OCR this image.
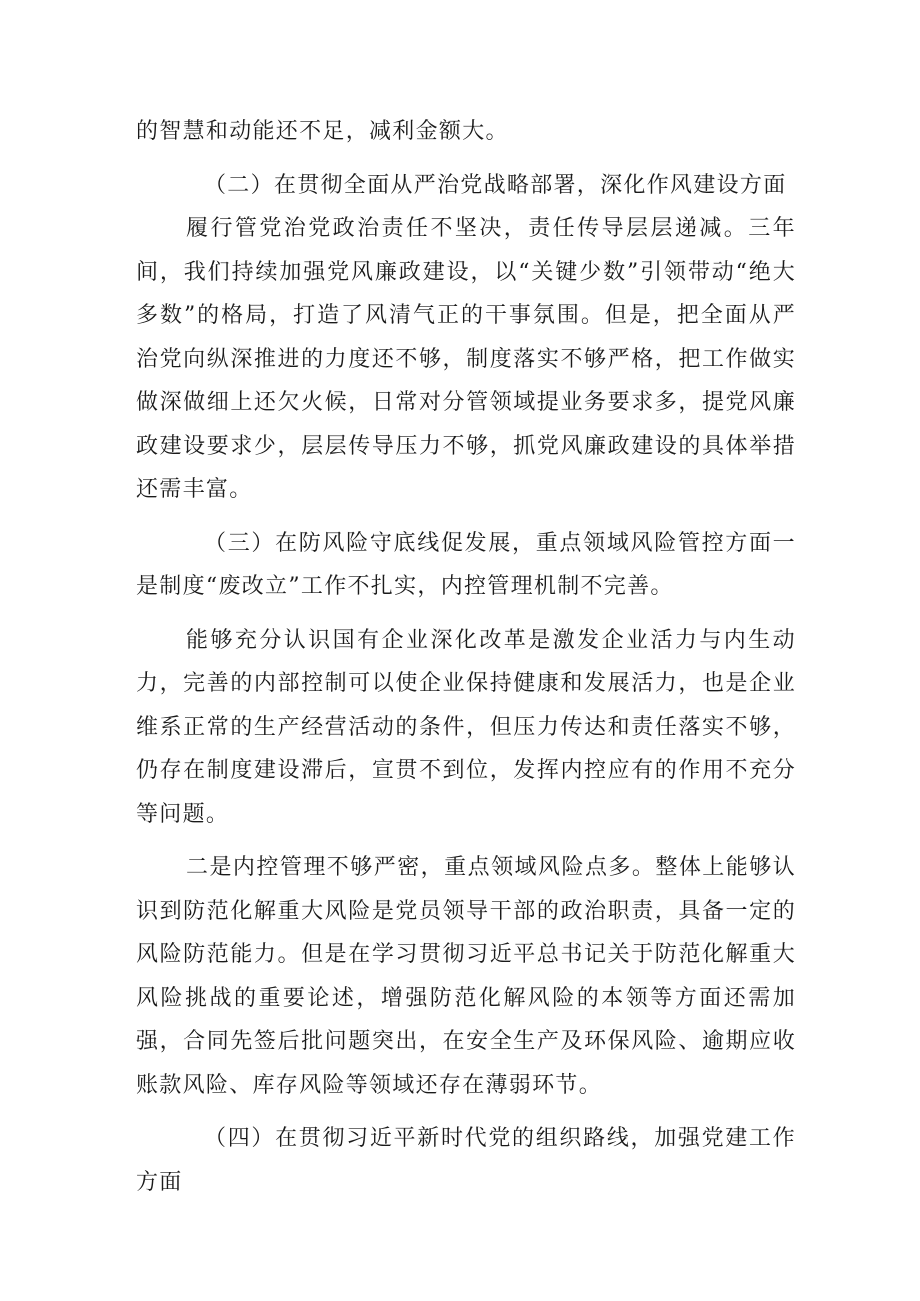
的智慧和动能还不足，减利金额大。

（二）在贯彻全面从严治党战略部署，深化作风建设方面

履行管党治党政治责任不坚决，责任传导层层递减。三年间，我们持续加强党风廉政建设，以“关键少数”引领带动“绝大多数”的格局，打造了风清气正的干事氛围。但是，把全面从严治党向纵深推进的力度还不够，制度落实不够严格，把工作做实做深做细上还欠火候，日常对分管领域提业务要求多，提党风廉政建设要求少，层层传导压力不够，抓党风廉政建设的具体举措还需丰富。

（三）在防风险守底线促发展，重点领域风险管控方面一是制度“废改立”工作不扎实，内控管理机制不完善。

能够充分认识国有企业深化改革是激发企业活力与内生动力，完善的内部控制可以使企业保持健康和发展活力，也是企业维系正常的生产经营活动的条件，但压力传达和责任落实不够，仍存在制度建设滞后，宣贯不到位，发挥内控应有的作用不充分等问题。

二是内控管理不够严密，重点领域风险点多。整体上能够认识到防范化解重大风险是党员领导干部的政治职责，具备一定的风险防范能力。但是在学习贯彻习近平总书记关于防范化解重大风险挑战的重要论述，增强防范化解风险的本领等方面还需加强，合同先签后批问题突出，在安全生产及环保风险、逾期应收账款风险、库存风险等领域还存在薄弱环节。

（四）在贯彻习近平新时代党的组织路线，加强党建工作方面
